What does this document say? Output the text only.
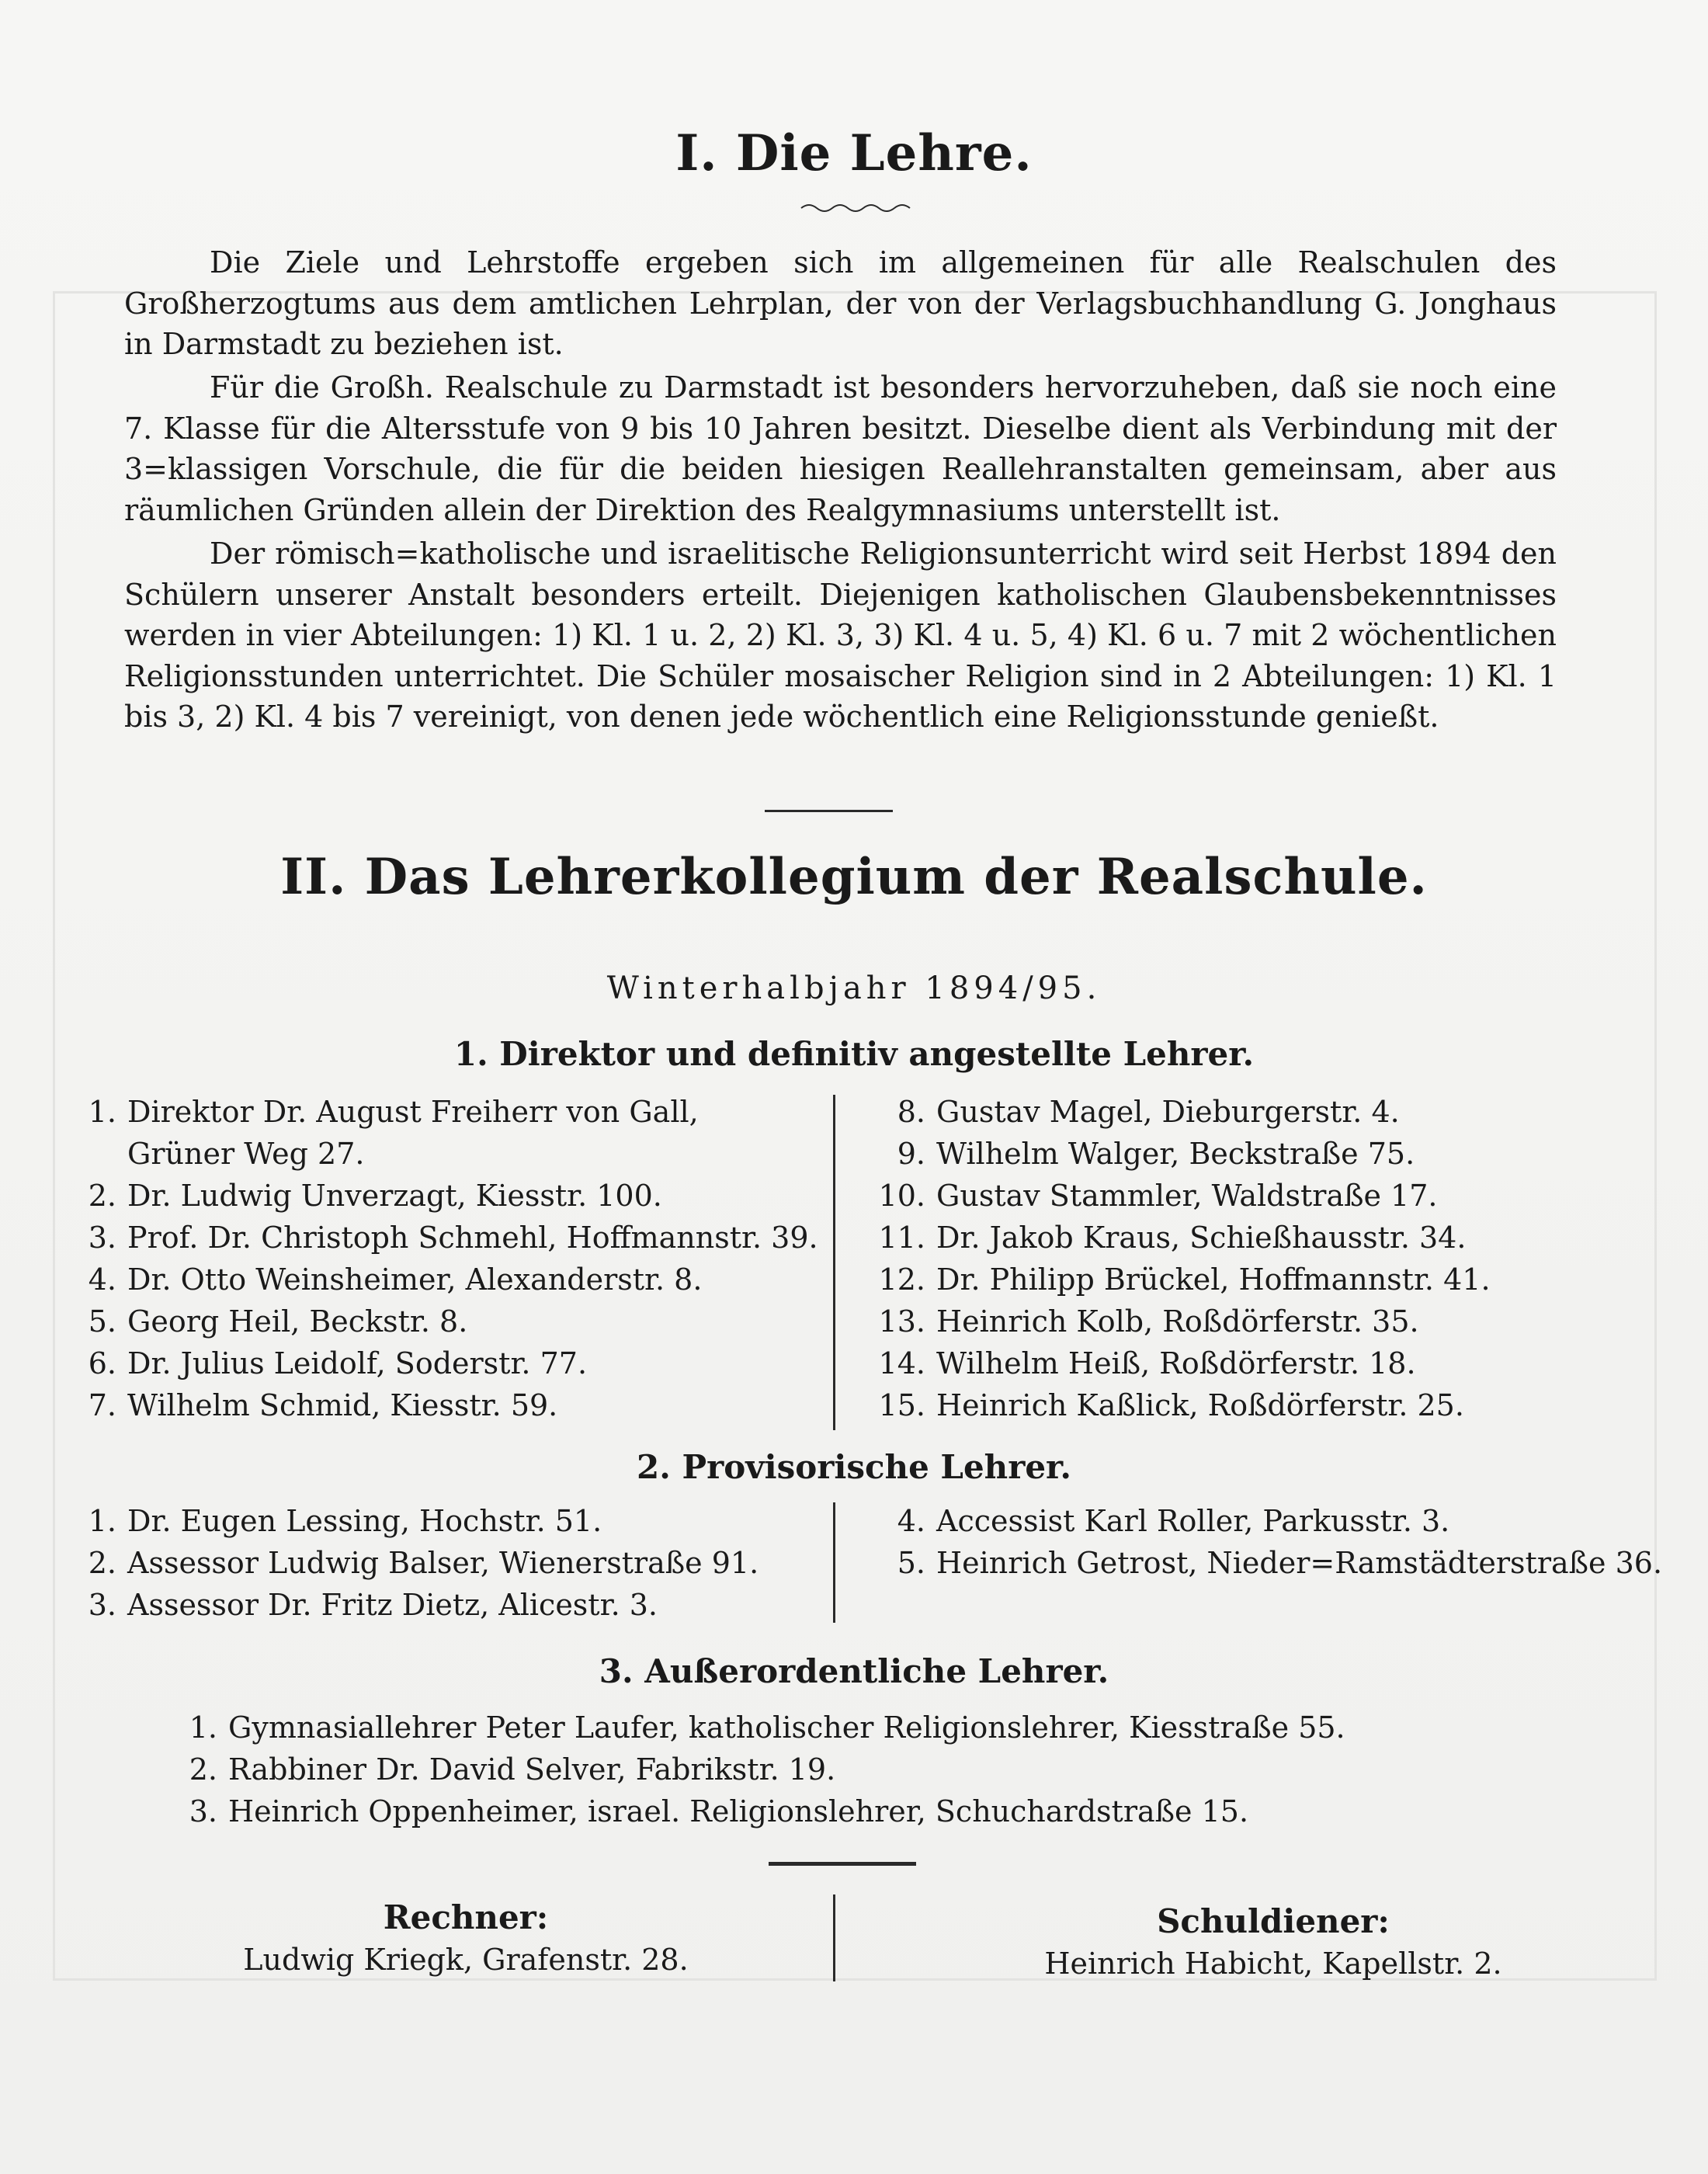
I. Die Lehre.
Die Ziele und Lehrstoffe ergeben sich im allgemeinen für alle Realschulen des Großherzogtums aus dem amtlichen Lehrplan, der von der Verlagsbuchhandlung G. Jonghaus in Darmstadt zu beziehen ist.
Für die Großh. Realschule zu Darmstadt ist besonders hervorzuheben, daß sie noch eine 7. Klasse für die Altersstufe von 9 bis 10 Jahren besitzt. Dieselbe dient als Verbindung mit der 3=klassigen Vorschule, die für die beiden hiesigen Reallehranstalten gemeinsam, aber aus räumlichen Gründen allein der Direktion des Realgymnasiums unterstellt ist.
Der römisch=katholische und israelitische Religionsunterricht wird seit Herbst 1894 den Schülern unserer Anstalt besonders erteilt. Diejenigen katholischen Glaubensbekenntnisses werden in vier Abteilungen: 1) Kl. 1 u. 2, 2) Kl. 3, 3) Kl. 4 u. 5, 4) Kl. 6 u. 7 mit 2 wöchentlichen Religionsstunden unterrichtet. Die Schüler mosaischer Religion sind in 2 Abteilungen: 1) Kl. 1 bis 3, 2) Kl. 4 bis 7 vereinigt, von denen jede wöchentlich eine Religionsstunde genießt.
II. Das Lehrerkollegium der Realschule.
Winterhalbjahr 1894/95.
1. Direktor und definitiv angestellte Lehrer.
1. Direktor Dr. August Freiherr von Gall,
Grüner Weg 27.
2. Dr. Ludwig Unverzagt, Kiesstr. 100.
3. Prof. Dr. Christoph Schmehl, Hoffmannstr. 39.
4. Dr. Otto Weinsheimer, Alexanderstr. 8.
5. Georg Heil, Beckstr. 8.
6. Dr. Julius Leidolf, Soderstr. 77.
7. Wilhelm Schmid, Kiesstr. 59.
8. Gustav Magel, Dieburgerstr. 4.
9. Wilhelm Walger, Beckstraße 75.
10. Gustav Stammler, Waldstraße 17.
11. Dr. Jakob Kraus, Schießhausstr. 34.
12. Dr. Philipp Brückel, Hoffmannstr. 41.
13. Heinrich Kolb, Roßdörferstr. 35.
14. Wilhelm Heiß, Roßdörferstr. 18.
15. Heinrich Kaßlick, Roßdörferstr. 25.
2. Provisorische Lehrer.
1. Dr. Eugen Lessing, Hochstr. 51.
2. Assessor Ludwig Balser, Wienerstraße 91.
3. Assessor Dr. Fritz Dietz, Alicestr. 3.
4. Accessist Karl Roller, Parkusstr. 3.
5. Heinrich Getrost, Nieder=Ramstädterstraße 36.
3. Außerordentliche Lehrer.
1. Gymnasiallehrer Peter Laufer, katholischer Religionslehrer, Kiesstraße 55.
2. Rabbiner Dr. David Selver, Fabrikstr. 19.
3. Heinrich Oppenheimer, israel. Religionslehrer, Schuchardstraße 15.
Rechner:
Ludwig Kriegk, Grafenstr. 28.
Schuldiener:
Heinrich Habicht, Kapellstr. 2.
